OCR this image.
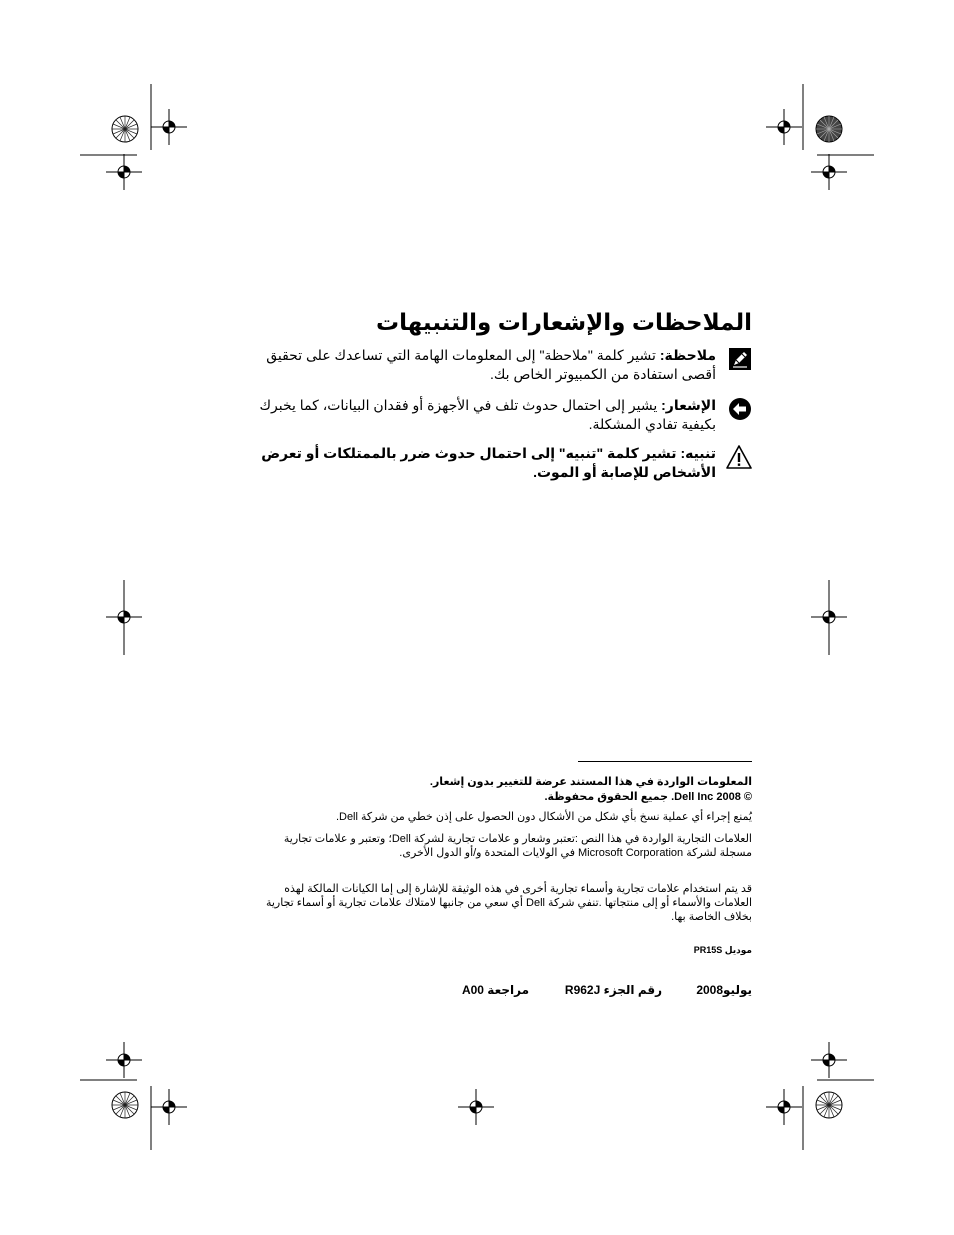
الملاحظات والإشعارات والتنبيهات
ملاحظة: تشير كلمة "ملاحظة" إلى المعلومات الهامة التي تساعدك على تحقيق أقصى استفادة من الكمبيوتر الخاص بك.
الإشعار: يشير إلى احتمال حدوث تلف في الأجهزة أو فقدان البيانات، كما يخبرك بكيفية تفادي المشكلة.
تنبيه: تشير كلمة "تنبيه" إلى احتمال حدوث ضرر بالممتلكات أو تعرض الأشخاص للإصابة أو الموت.
المعلومات الواردة في هذا المستند عرضة للتغيير بدون إشعار.
© 2008 Dell Inc. جميع الحقوق محفوظة.
يُمنع إجراء أي عملية نسخ بأي شكل من الأشكال دون الحصول على إذن خطي من شركة Dell.
العلامات التجارية الواردة في هذا النص :تعتبر وشعار و علامات تجارية لشركة Dell؛ وتعتبر و علامات تجارية مسجلة لشركة Microsoft Corporation في الولايات المتحدة و/أو الدول الأخرى.
قد يتم استخدام علامات تجارية وأسماء تجارية أخرى في هذه الوثيقة للإشارة إلى إما الكيانات المالكة لهذه العلامات والأسماء أو إلى منتجاتها .تنفي شركة Dell أي سعي من جانبها لامتلاك علامات تجارية أو أسماء تجارية بخلاف الخاصة بها.
موديل PR15S
يوليو2008
رقم الجزء R962J
مراجعة A00
